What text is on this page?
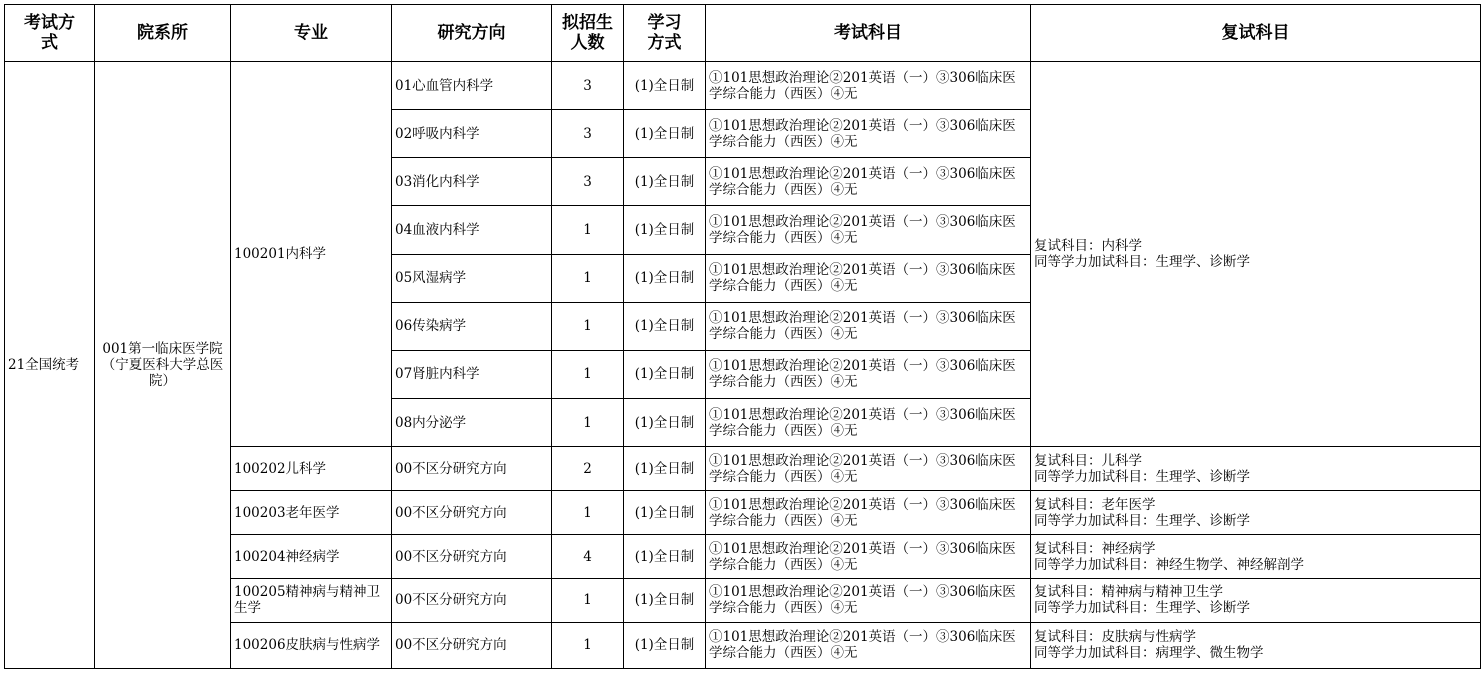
考试方式	院系所	专业	研究方向	拟招生人数	学习方式	考试科目	复试科目
21全国统考	001第一临床医学院（宁夏医科大学总医院）	100201内科学	01心血管内科学	3	(1)全日制	①101思想政治理论②201英语（一）③306临床医学综合能力（西医）④无	复试科目：内科学
同等学力加试科目：生理学、诊断学

			02呼吸内科学	3	(1)全日制	①101思想政治理论②201英语（一）③306临床医学综合能力（西医）④无	
			03消化内科学	3	(1)全日制	①101思想政治理论②201英语（一）③306临床医学综合能力（西医）④无	
			04血液内科学	1	(1)全日制	①101思想政治理论②201英语（一）③306临床医学综合能力（西医）④无	
			05风湿病学	1	(1)全日制	①101思想政治理论②201英语（一）③306临床医学综合能力（西医）④无	
			06传染病学	1	(1)全日制	①101思想政治理论②201英语（一）③306临床医学综合能力（西医）④无	
			07肾脏内科学	1	(1)全日制	①101思想政治理论②201英语（一）③306临床医学综合能力（西医）④无	
			08内分泌学	1	(1)全日制	①101思想政治理论②201英语（一）③306临床医学综合能力（西医）④无	
		100202儿科学	00不区分研究方向	2	(1)全日制	①101思想政治理论②201英语（一）③306临床医学综合能力（西医）④无	复试科目：儿科学
同等学力加试科目：生理学、诊断学

		100203老年医学	00不区分研究方向	1	(1)全日制	①101思想政治理论②201英语（一）③306临床医学综合能力（西医）④无	复试科目：老年医学
同等学力加试科目：生理学、诊断学

		100204神经病学	00不区分研究方向	4	(1)全日制	①101思想政治理论②201英语（一）③306临床医学综合能力（西医）④无	复试科目：神经病学
同等学力加试科目：神经生物学、神经解剖学

		100205精神病与精神卫生学	00不区分研究方向	1	(1)全日制	①101思想政治理论②201英语（一）③306临床医学综合能力（西医）④无	复试科目：精神病与精神卫生学
同等学力加试科目：生理学、诊断学

		100206皮肤病与性病学	00不区分研究方向	1	(1)全日制	①101思想政治理论②201英语（一）③306临床医学综合能力（西医）④无	复试科目：皮肤病与性病学
同等学力加试科目：病理学、微生物学
